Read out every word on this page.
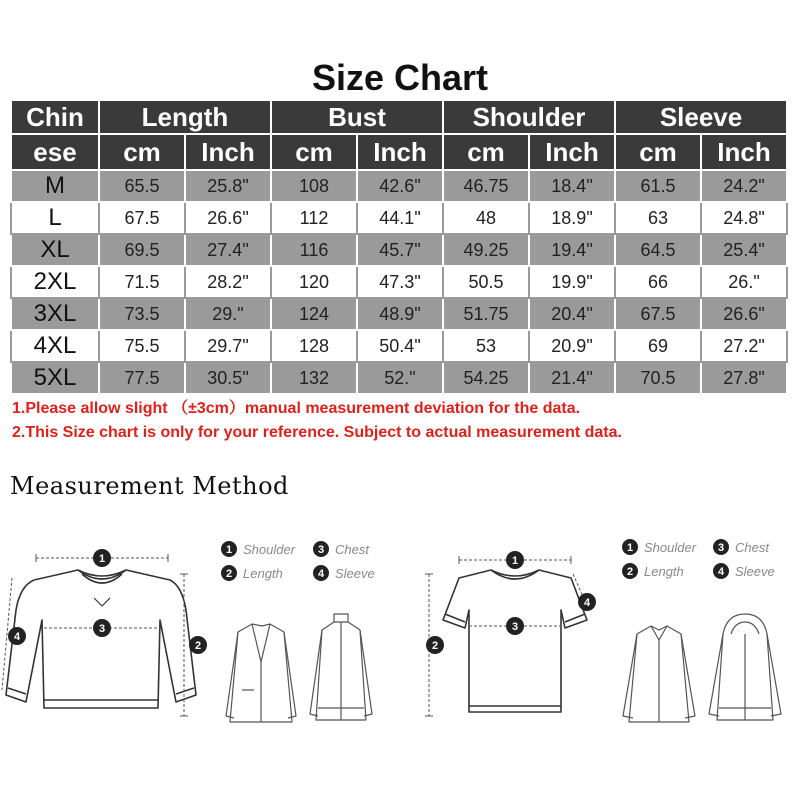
Size Chart
Chin	Length		Bust		Shoulder		Sleeve	
ese	cm	Inch	cm	Inch	cm	Inch	cm	Inch
M	65.5	25.8"	108	42.6"	46.75	18.4"	61.5	24.2"
L	67.5	26.6"	112	44.1"	48	18.9"	63	24.8"
XL	69.5	27.4"	116	45.7"	49.25	19.4"	64.5	25.4"
2XL	71.5	28.2"	120	47.3"	50.5	19.9"	66	26."
3XL	73.5	29."	124	48.9"	51.75	20.4"	67.5	26.6"
4XL	75.5	29.7"	128	50.4"	53	20.9"	69	27.2"
5XL	77.5	30.5"	132	52."	54.25	21.4"	70.5	27.8"
1.Please allow slight （±3cm）manual measurement deviation for the data.
2.This Size chart is only for your reference. Subject to actual measurement data.
Measurement Method
1
3
4
2
1 Shoulder 3 Chest
2 Length	4 Sleeve
1
3
4
2
1 Shoulder 3 Chest
2 Length	4 Sleeve
